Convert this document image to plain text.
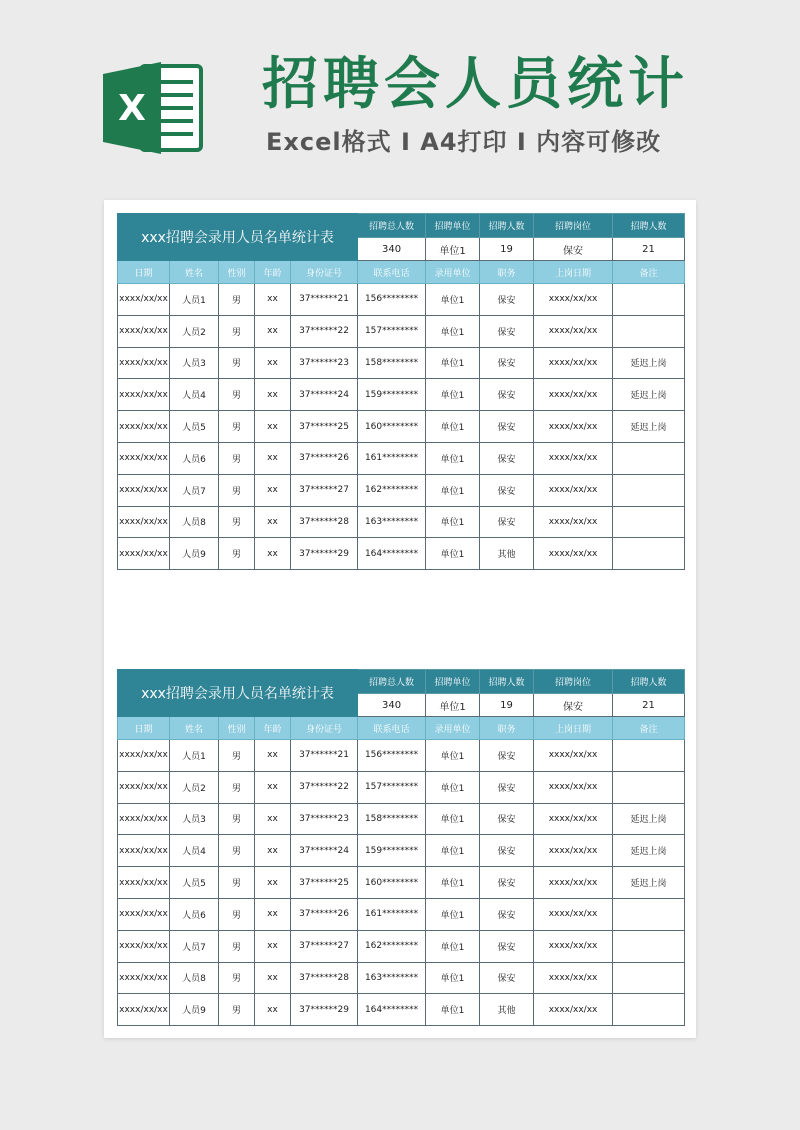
X 招聘会人员统计
Excel格式 I A4打印 I 内容可修改
xxx招聘会录用人员名单统计表					招聘总人数	招聘单位	招聘人数	招聘岗位	招聘人数
					340	单位1	19	保安	21
日期	姓名	性别	年龄	身份证号	联系电话	录用单位	职务	上岗日期	备注
xxxx/xx/xx	人员1	男	xx	37******21	156********	单位1	保安	xxxx/xx/xx	
xxxx/xx/xx	人员2	男	xx	37******22	157********	单位1	保安	xxxx/xx/xx	
xxxx/xx/xx	人员3	男	xx	37******23	158********	单位1	保安	xxxx/xx/xx	延迟上岗
xxxx/xx/xx	人员4	男	xx	37******24	159********	单位1	保安	xxxx/xx/xx	延迟上岗
xxxx/xx/xx	人员5	男	xx	37******25	160********	单位1	保安	xxxx/xx/xx	延迟上岗
xxxx/xx/xx	人员6	男	xx	37******26	161********	单位1	保安	xxxx/xx/xx	
xxxx/xx/xx	人员7	男	xx	37******27	162********	单位1	保安	xxxx/xx/xx	
xxxx/xx/xx	人员8	男	xx	37******28	163********	单位1	保安	xxxx/xx/xx	
xxxx/xx/xx	人员9	男	xx	37******29	164********	单位1	其他	xxxx/xx/xx	
xxx招聘会录用人员名单统计表					招聘总人数	招聘单位	招聘人数	招聘岗位	招聘人数
					340	单位1	19	保安	21
日期	姓名	性别	年龄	身份证号	联系电话	录用单位	职务	上岗日期	备注
xxxx/xx/xx	人员1	男	xx	37******21	156********	单位1	保安	xxxx/xx/xx	
xxxx/xx/xx	人员2	男	xx	37******22	157********	单位1	保安	xxxx/xx/xx	
xxxx/xx/xx	人员3	男	xx	37******23	158********	单位1	保安	xxxx/xx/xx	延迟上岗
xxxx/xx/xx	人员4	男	xx	37******24	159********	单位1	保安	xxxx/xx/xx	延迟上岗
xxxx/xx/xx	人员5	男	xx	37******25	160********	单位1	保安	xxxx/xx/xx	延迟上岗
xxxx/xx/xx	人员6	男	xx	37******26	161********	单位1	保安	xxxx/xx/xx	
xxxx/xx/xx	人员7	男	xx	37******27	162********	单位1	保安	xxxx/xx/xx	
xxxx/xx/xx	人员8	男	xx	37******28	163********	单位1	保安	xxxx/xx/xx	
xxxx/xx/xx	人员9	男	xx	37******29	164********	单位1	其他	xxxx/xx/xx	
